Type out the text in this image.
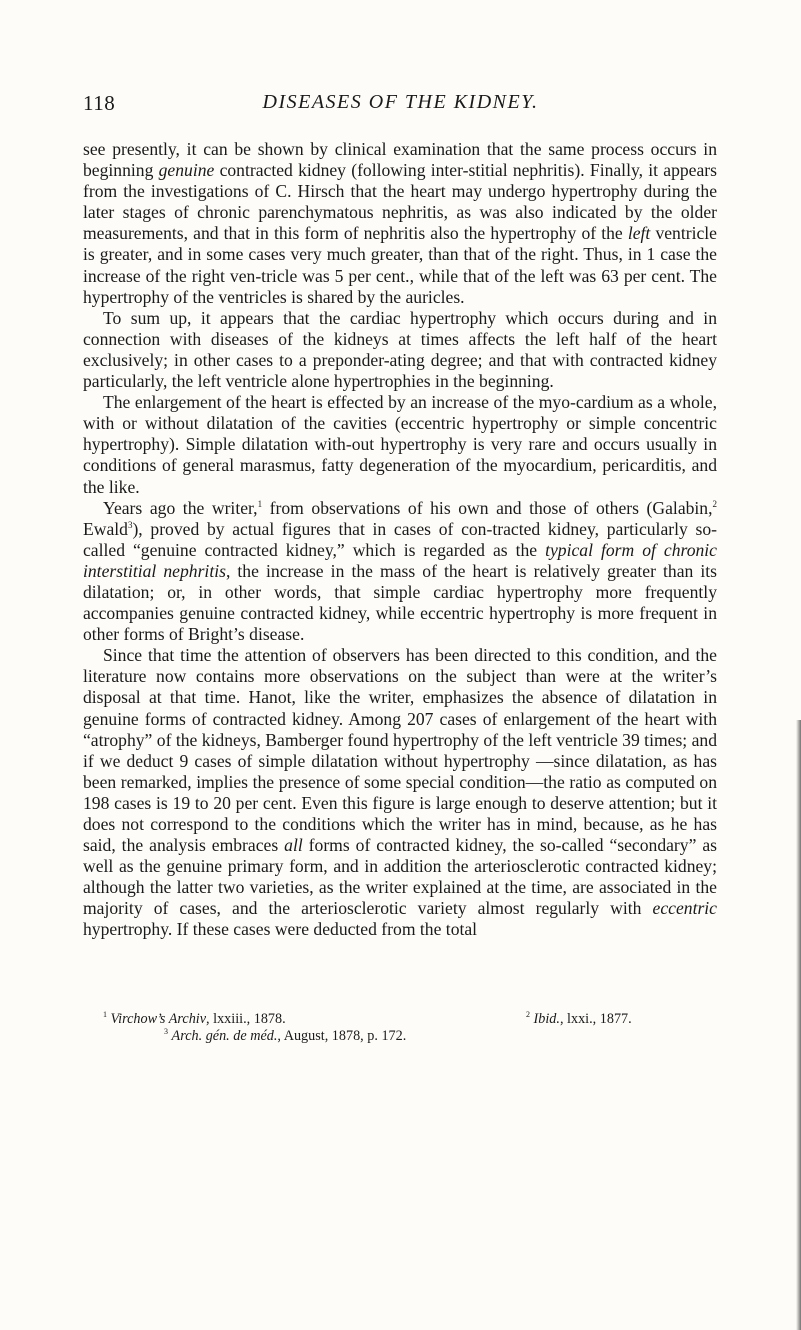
118	DISEASES OF THE KIDNEY.

see presently, it can be shown by clinical examination that the same process occurs in beginning genuine contracted kidney (following inter-stitial nephritis). Finally, it appears from the investigations of C. Hirsch that the heart may undergo hypertrophy during the later stages of chronic parenchymatous nephritis, as was also indicated by the older measurements, and that in this form of nephritis also the hypertrophy of the left ventricle is greater, and in some cases very much greater, than that of the right. Thus, in 1 case the increase of the right ven-tricle was 5 per cent., while that of the left was 63 per cent. The hypertrophy of the ventricles is shared by the auricles.

To sum up, it appears that the cardiac hypertrophy which occurs during and in connection with diseases of the kidneys at times affects the left half of the heart exclusively; in other cases to a preponder-ating degree; and that with contracted kidney particularly, the left ventricle alone hypertrophies in the beginning.

The enlargement of the heart is effected by an increase of the myo-cardium as a whole, with or without dilatation of the cavities (eccentric hypertrophy or simple concentric hypertrophy). Simple dilatation with-out hypertrophy is very rare and occurs usually in conditions of general marasmus, fatty degeneration of the myocardium, pericarditis, and the like.

Years ago the writer,$^1$ from observations of his own and those of others (Galabin,$^2$ Ewald$^3$), proved by actual figures that in cases of con-tracted kidney, particularly so-called “genuine contracted kidney,” which is regarded as the typical form of chronic interstitial nephritis, the increase in the mass of the heart is relatively greater than its dilatation; or, in other words, that simple cardiac hypertrophy more frequently accompanies genuine contracted kidney, while eccentric hypertrophy is more frequent in other forms of Bright’s disease.

Since that time the attention of observers has been directed to this condition, and the literature now contains more observations on the subject than were at the writer’s disposal at that time. Hanot, like the writer, emphasizes the absence of dilatation in genuine forms of contracted kidney. Among 207 cases of enlargement of the heart with “atrophy” of the kidneys, Bamberger found hypertrophy of the left ventricle 39 times; and if we deduct 9 cases of simple dilatation without hypertrophy —since dilatation, as has been remarked, implies the presence of some special condition—the ratio as computed on 198 cases is 19 to 20 per cent. Even this figure is large enough to deserve attention; but it does not correspond to the conditions which the writer has in mind, because, as he has said, the analysis embraces all forms of contracted kidney, the so-called “secondary” as well as the genuine primary form, and in addition the arteriosclerotic contracted kidney; although the latter two varieties, as the writer explained at the time, are associated in the majority of cases, and the arteriosclerotic variety almost regularly with eccentric hypertrophy. If these cases were deducted from the total

$^1$ Virchow’s Archiv, lxxiii., 1878.	$^2$ Ibid., lxxi., 1877.
$^3$ Arch. gén. de méd., August, 1878, p. 172.
